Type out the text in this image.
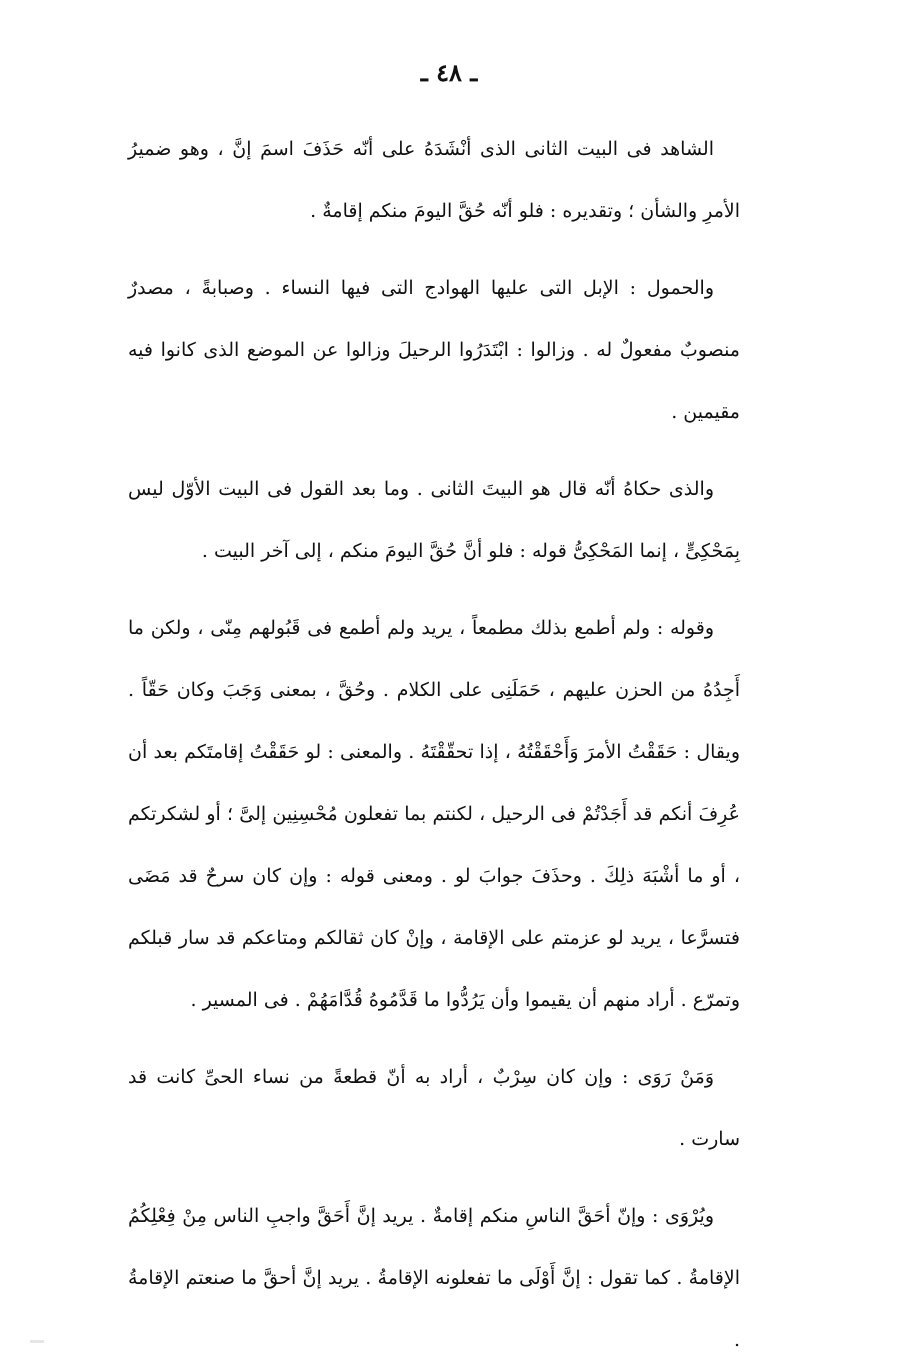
ـ ٤٨ ـ

الشاهد فى البيت الثانى الذى أنْشَدَهُ على أنّه حَذَفَ اسمَ إنَّ ، وهو ضميرُ الأمرِ والشأن ؛ وتقديره : فلو أنّه حُقَّ اليومَ منكم إقامةٌ .

والحمول : الإبل التى عليها الهوادج التى فيها النساء . وصبابةً ، مصدرٌ منصوبٌ مفعولٌ له . وزالوا : ابْتَدَرُوا الرحيلَ وزالوا عن الموضع الذى كانوا فيه مقيمين .

والذى حكاهُ أنّه قال هو البيتَ الثانى . وما بعد القول فى البيت الأوّل ليس بِمَحْكِىٍّ ، إنما المَحْكِىُّ قوله : فلو أنَّ حُقَّ اليومَ منكم ، إلى آخر البيت .

وقوله : ولم أطمع بذلك مطمعاً ، يريد ولم أطمع فى قَبُولهم مِنّى ، ولكن ما أَجِدُهُ من الحزن عليهم ، حَمَلَنِى على الكلام . وحُقَّ ، بمعنى وَجَبَ وكان حَقّاً . ويقال : حَقَقْتُ الأمرَ وَأَحْقَقْتُهُ ، إذا تحقّقْتَهُ . والمعنى : لو حَقَقْتُ إقامتَكم بعد أن عُرِفَ أنكم قد أَجَدْتُمْ فى الرحيل ، لكنتم بما تفعلون مُحْسِنِين إلىَّ ؛ أو لشكرتكم ، أو ما أشْبَهَ ذلِكَ . وحذَفَ جوابَ لو . ومعنى قوله : وإن كان سرحٌ قد مَضَى فتسرَّعا ، يريد لو عزمتم على الإقامة ، وإنْ كان ثقالكم ومتاعكم قد سار قبلكم وتمرّع . أراد منهم أن يقيموا وأن يَرُدُّوا ما قَدَّمُوهُ قُدَّامَهُمْ . فى المسير .

وَمَنْ رَوَى : وإن كان سِرْبٌ ، أراد به أنّ قطعةً من نساء الحىِّ كانت قد سارت .

ويُرْوَى : وإنّ أحَقَّ الناسِ منكم إقامةٌ . يريد إنَّ أَحَقَّ واجبِ الناس مِنْ فِعْلِكُمُ الإقامةُ . كما تقول : إنَّ أَوْلَى ما تفعلونه الإقامةُ . يريد إنَّ أحقَّ ما صنعتم الإقامةُ .
